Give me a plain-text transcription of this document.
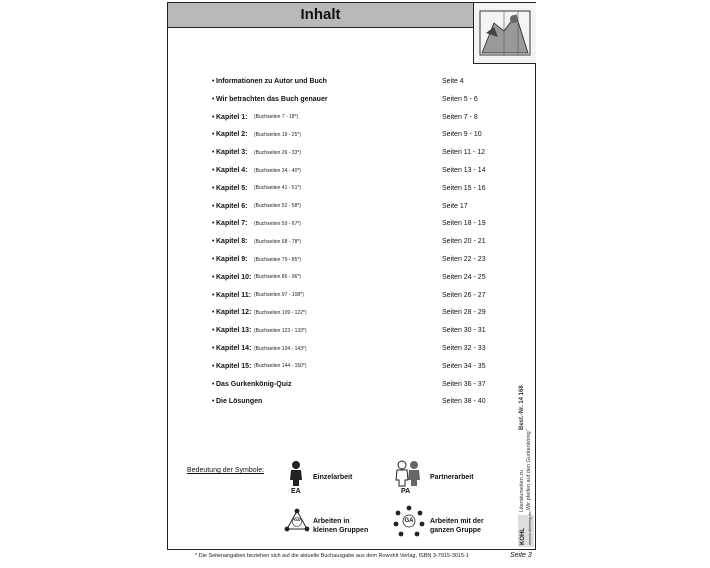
Inhalt
• Informationen zu Autor und Buch	Seite 4
• Wir betrachten das Buch genauer	Seiten 5 - 6
• Kapitel 1: (Buchseiten 7 - 18*)	Seiten 7 - 8
• Kapitel 2: (Buchseiten 19 - 25*)	Seiten 9 - 10
• Kapitel 3: (Buchseiten 26 - 33*)	Seiten 11 - 12
• Kapitel 4: (Buchseiten 34 - 40*)	Seiten 13 - 14
• Kapitel 5: (Buchseiten 41 - 51*)	Seiten 15 - 16
• Kapitel 6: (Buchseiten 52 - 58*)	Seite 17
• Kapitel 7: (Buchseiten 59 - 67*)	Seiten 18 - 19
• Kapitel 8: (Buchseiten 68 - 78*)	Seiten 20 - 21
• Kapitel 9: (Buchseiten 79 - 85*)	Seiten 22 - 23
• Kapitel 10: (Buchseiten 86 - 96*)	Seiten 24 - 25
• Kapitel 11: (Buchseiten 97 - 108*)	Seiten 26 - 27
• Kapitel 12: (Buchseiten 109 - 122*)	Seiten 28 - 29
• Kapitel 13: (Buchseiten 123 - 133*)	Seiten 30 - 31
• Kapitel 14: (Buchseiten 134 - 143*)	Seiten 32 - 33
• Kapitel 15: (Buchseiten 144 - 150*)	Seiten 34 - 35
• Das Gurkenkönig-Quiz	Seiten 36 - 37
• Die Lösungen	Seiten 38 - 40
Bedeutung der Symbole:
EA
Einzelarbeit
PA
Partnerarbeit
GA	Arbeiten in
kleinen Gruppen
GA Arbeiten mit der
ganzen Gruppe
Best.-Nr. 14 168
Literaturseiten zu „Wir pfeifen auf den Gurkenkönig“
KOHL www.kohlverlag.de
* Die Seitenangaben beziehen sich auf die aktuelle Buchausgabe aus dem Rowohlt Verlag, ISBN 3-7915-3015-1	Seite 3
